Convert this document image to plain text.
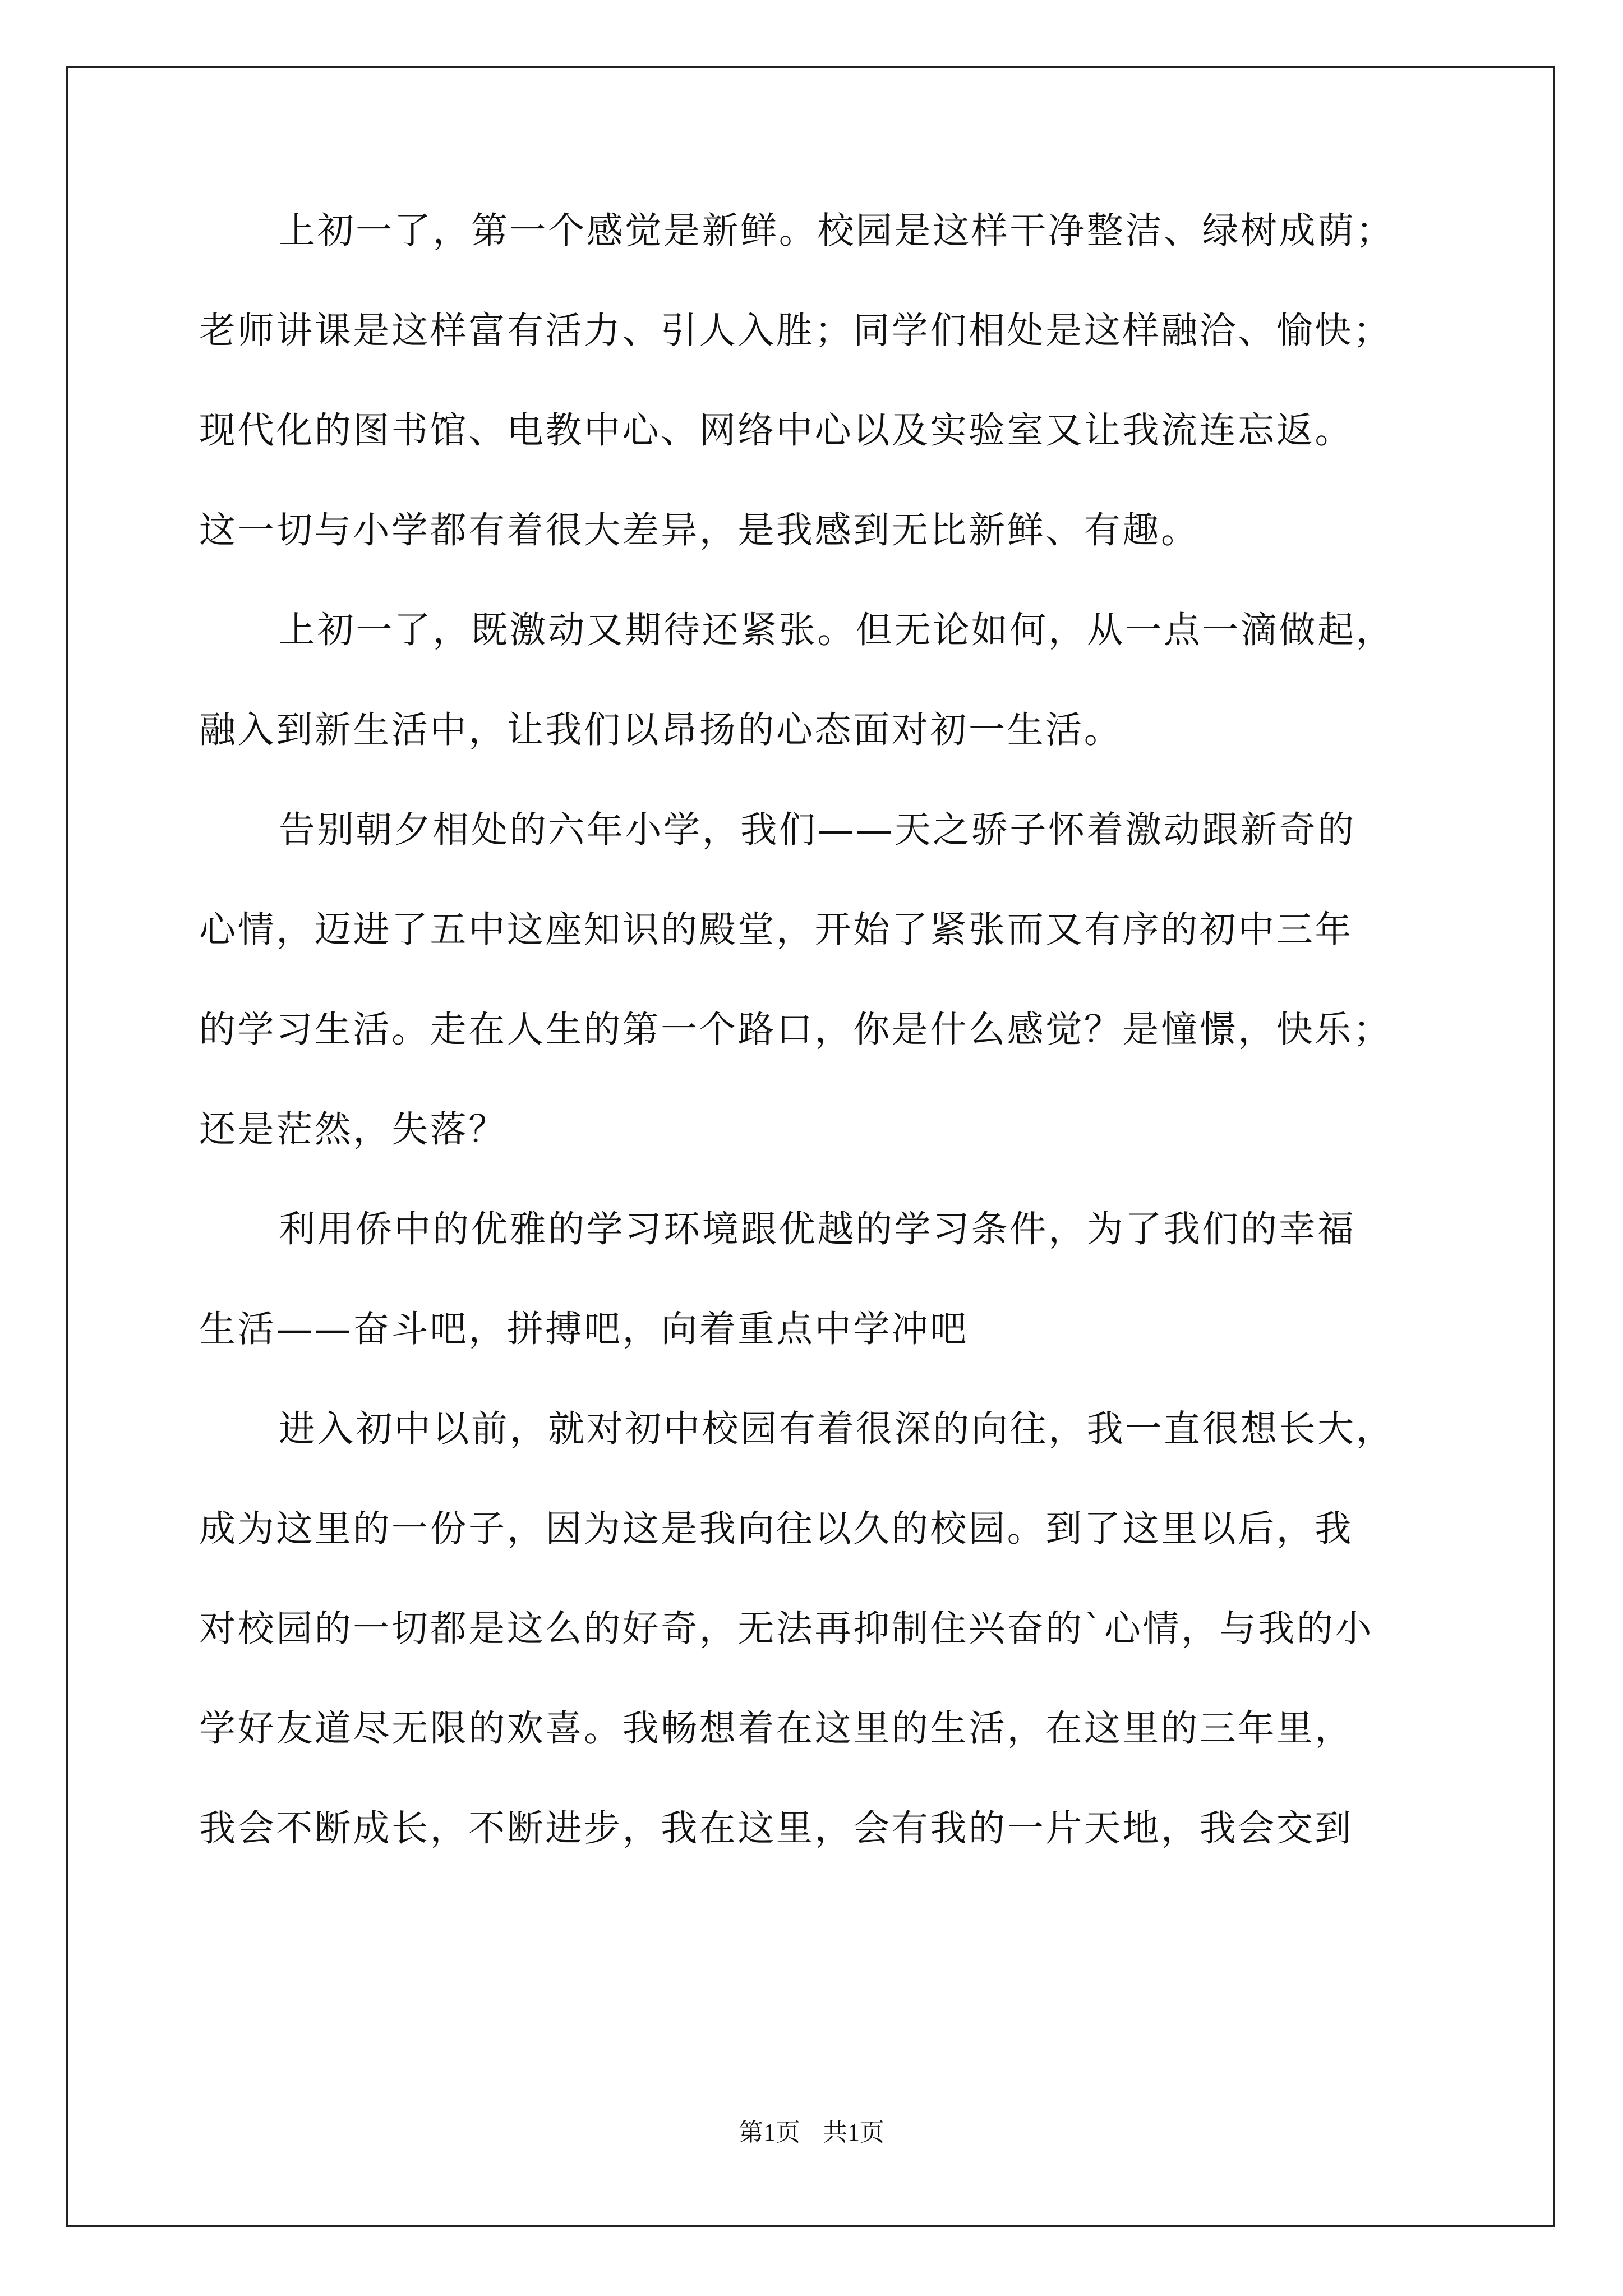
上初一了，第一个感觉是新鲜。校园是这样干净整洁、绿树成荫；
老师讲课是这样富有活力、引人入胜；同学们相处是这样融洽、愉快；
现代化的图书馆、电教中心、网络中心以及实验室又让我流连忘返。
这一切与小学都有着很大差异，是我感到无比新鲜、有趣。
上初一了，既激动又期待还紧张。但无论如何，从一点一滴做起，
融入到新生活中，让我们以昂扬的心态面对初一生活。
告别朝夕相处的六年小学，我们——天之骄子怀着激动跟新奇的
心情，迈进了五中这座知识的殿堂，开始了紧张而又有序的初中三年
的学习生活。走在人生的第一个路口，你是什么感觉？是憧憬，快乐；
还是茫然，失落？
利用侨中的优雅的学习环境跟优越的学习条件，为了我们的幸福
生活——奋斗吧，拼搏吧，向着重点中学冲吧
进入初中以前，就对初中校园有着很深的向往，我一直很想长大，
成为这里的一份子，因为这是我向往以久的校园。到了这里以后，我
对校园的一切都是这么的好奇，无法再抑制住兴奋的`心情，与我的小
学好友道尽无限的欢喜。我畅想着在这里的生活，在这里的三年里，
我会不断成长，不断进步，我在这里，会有我的一片天地，我会交到
第1页 共1页
